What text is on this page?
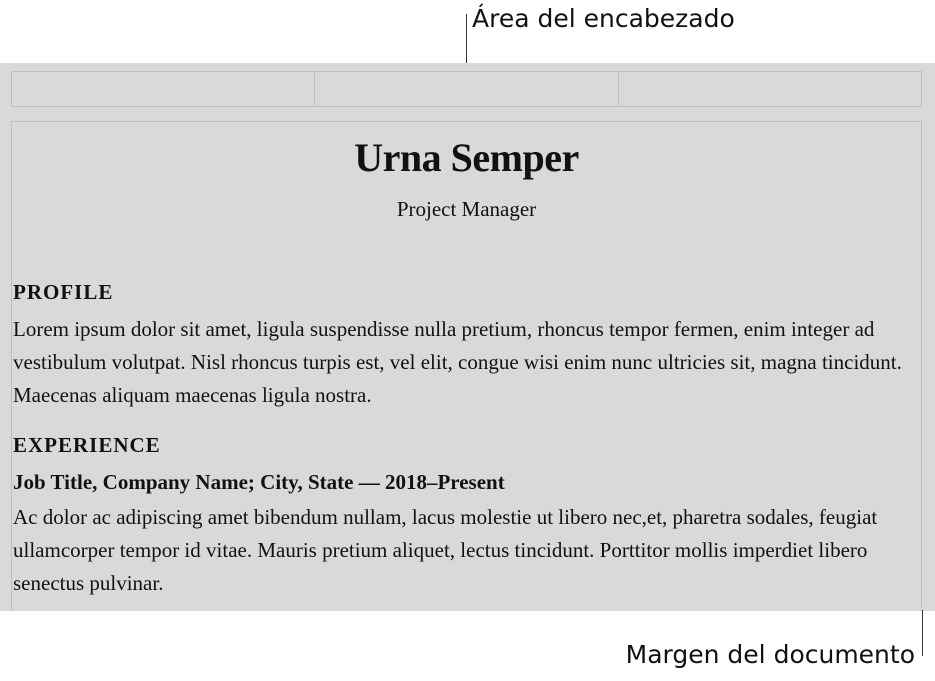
Área del encabezado
Urna Semper
Project Manager
PROFILE
Lorem ipsum dolor sit amet, ligula suspendisse nulla pretium, rhoncus tempor fermen, enim integer ad vestibulum volutpat. Nisl rhoncus turpis est, vel elit, congue wisi enim nunc ultricies sit, magna tincidunt. Maecenas aliquam maecenas ligula nostra.
EXPERIENCE
Job Title, Company Name; City, State — 2018–Present
Ac dolor ac adipiscing amet bibendum nullam, lacus molestie ut libero nec,et, pharetra sodales, feugiat ullamcorper tempor id vitae. Mauris pretium aliquet, lectus tincidunt. Porttitor mollis imperdiet libero senectus pulvinar.
Margen del documento
